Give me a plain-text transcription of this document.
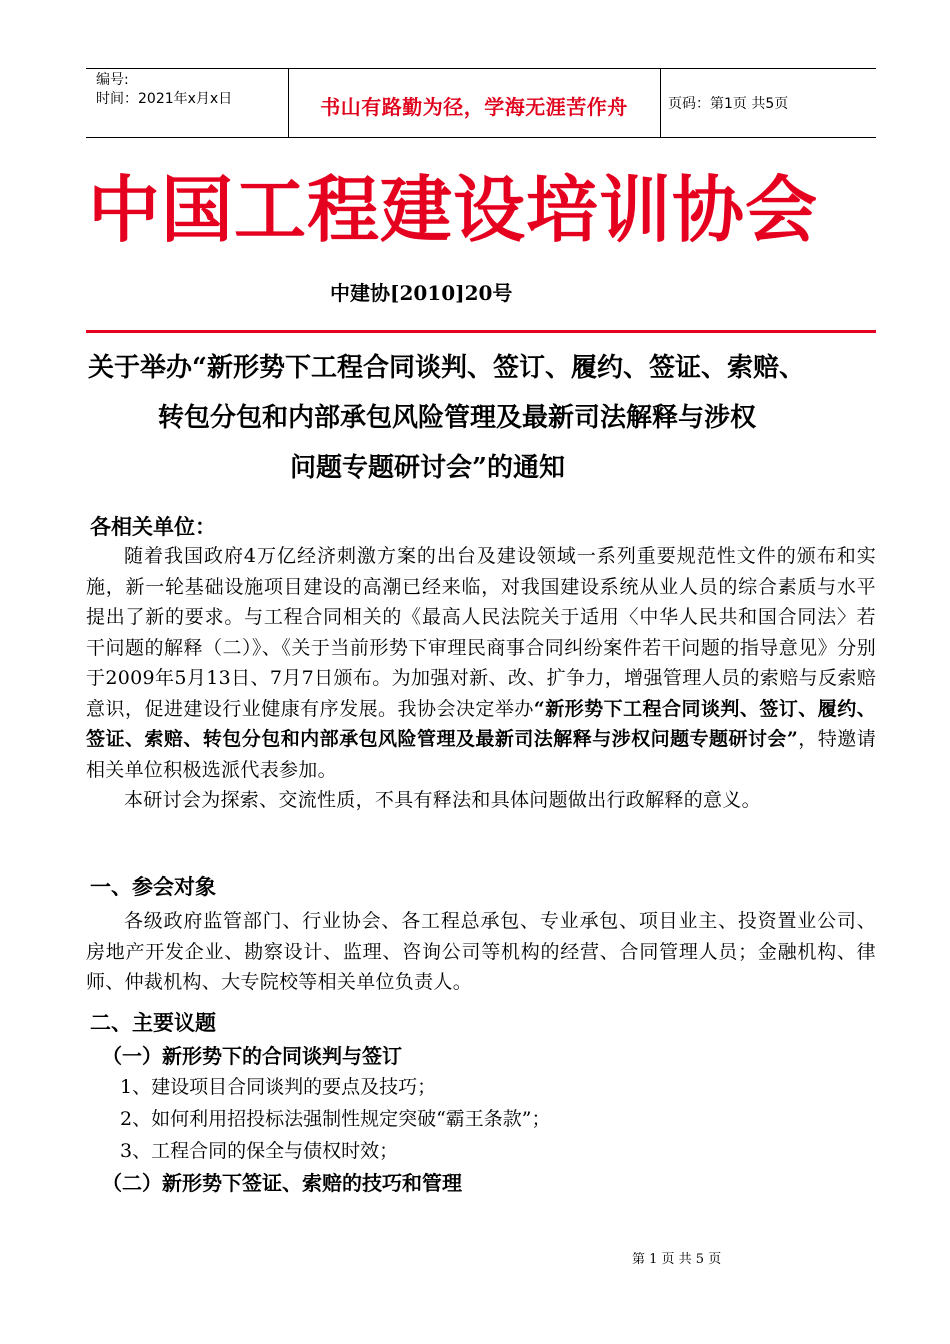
编号:
时间：2021年x月x日	书山有路勤为径，学海无涯苦作舟	页码：第1页 共5页
中国工程建设培训协会
中建协[2010]20号
关于举办“新形势下工程合同谈判、签订、履约、签证、索赔、
转包分包和内部承包风险管理及最新司法解释与涉权
问题专题研讨会”的通知
各相关单位：

随着我国政府4万亿经济刺激方案的出台及建设领域一系列重要规范性文件的颁布和实施，新一轮基础设施项目建设的高潮已经来临，对我国建设系统从业人员的综合素质与水平提出了新的要求。与工程合同相关的《最高人民法院关于适用〈中华人民共和国合同法〉若干问题的解释（二）》、《关于当前形势下审理民商事合同纠纷案件若干问题的指导意见》分别于2009年5月13日、7月7日颁布。为加强对新、改、扩争力，增强管理人员的索赔与反索赔意识，促进建设行业健康有序发展。我协会决定举办“新形势下工程合同谈判、签订、履约、签证、索赔、转包分包和内部承包风险管理及最新司法解释与涉权问题专题研讨会”，特邀请相关单位积极选派代表参加。

本研讨会为探索、交流性质，不具有释法和具体问题做出行政解释的意义。

一、参会对象

各级政府监管部门、行业协会、各工程总承包、专业承包、项目业主、投资置业公司、房地产开发企业、勘察设计、监理、咨询公司等机构的经营、合同管理人员；金融机构、律师、仲裁机构、大专院校等相关单位负责人。

二、主要议题
（一）新形势下的合同谈判与签订
1、建设项目合同谈判的要点及技巧；
2、如何利用招投标法强制性规定突破“霸王条款”；
3、工程合同的保全与债权时效；
（二）新形势下签证、索赔的技巧和管理
第 1 页 共 5 页
